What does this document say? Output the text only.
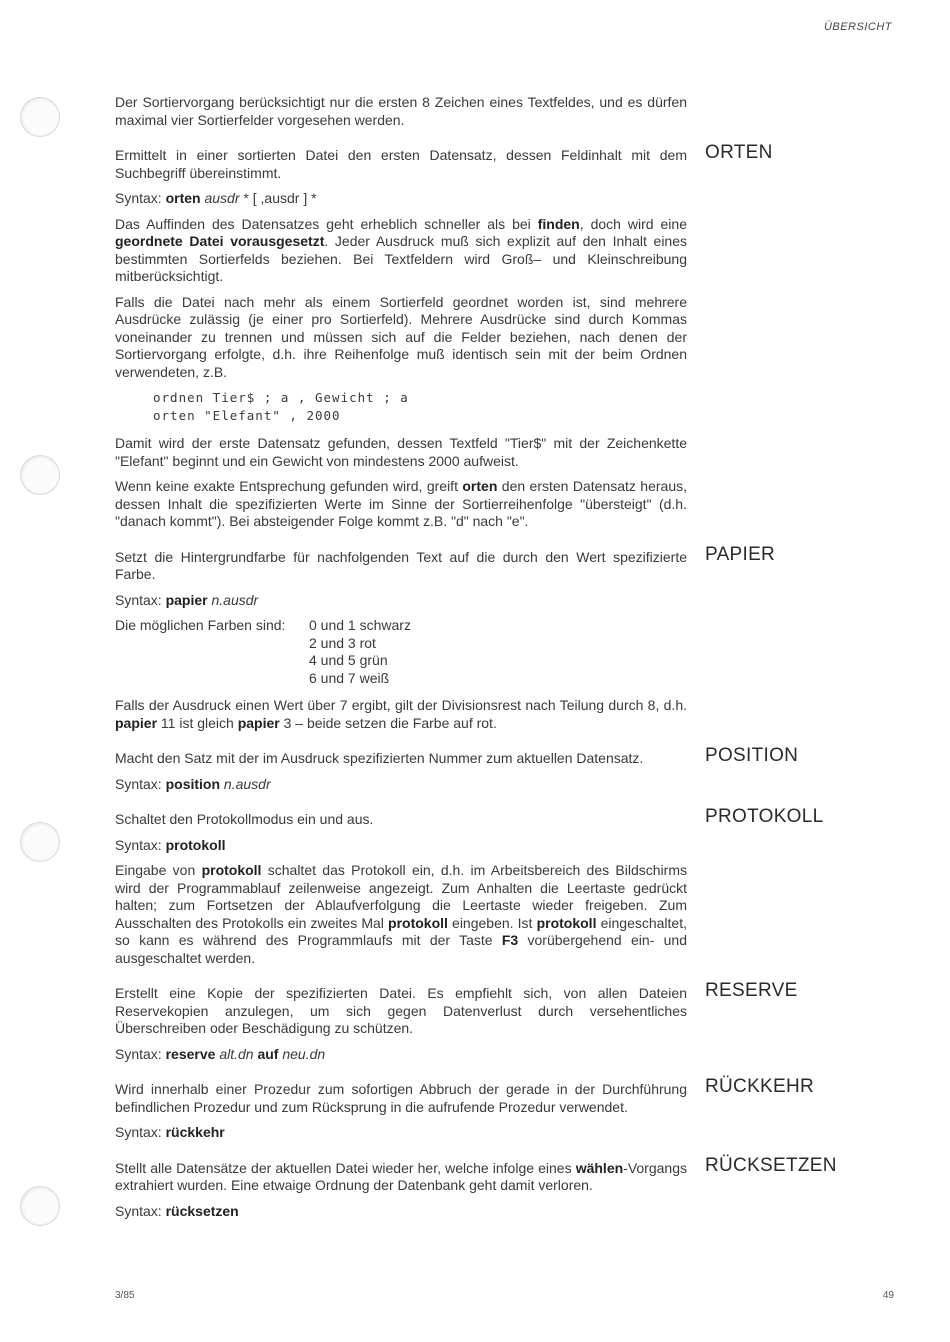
ÜBERSICHT

Der Sortiervorgang berücksichtigt nur die ersten 8 Zeichen eines Textfeldes, und es dürfen maximal vier Sortierfelder vorgesehen werden.

ORTEN

Ermittelt in einer sortierten Datei den ersten Datensatz, dessen Feldinhalt mit dem Suchbegriff übereinstimmt.

Syntax: orten ausdr * [ ,ausdr ] *

Das Auffinden des Datensatzes geht erheblich schneller als bei finden, doch wird eine geordnete Datei vorausgesetzt. Jeder Ausdruck muß sich explizit auf den Inhalt eines bestimmten Sortierfelds beziehen. Bei Textfeldern wird Groß– und Kleinschreibung mitberücksichtigt.

Falls die Datei nach mehr als einem Sortierfeld geordnet worden ist, sind mehrere Ausdrücke zulässig (je einer pro Sortierfeld). Mehrere Ausdrücke sind durch Kommas voneinander zu trennen und müssen sich auf die Felder beziehen, nach denen der Sortiervorgang erfolgte, d.h. ihre Reihenfolge muß identisch sein mit der beim Ordnen verwendeten, z.B.

ordnen Tier$ ; a , Gewicht ; a
orten "Elefant" , 2000

Damit wird der erste Datensatz gefunden, dessen Textfeld "Tier$" mit der Zeichenkette "Elefant" beginnt und ein Gewicht von mindestens 2000 aufweist.

Wenn keine exakte Entsprechung gefunden wird, greift orten den ersten Datensatz heraus, dessen Inhalt die spezifizierten Werte im Sinne der Sortierreihenfolge "übersteigt" (d.h. "danach kommt"). Bei absteigender Folge kommt z.B. "d" nach "e".

PAPIER

Setzt die Hintergrundfarbe für nachfolgenden Text auf die durch den Wert spezifizierte Farbe.

Syntax: papier n.ausdr

Die möglichen Farben sind:	0 und 1 schwarz
2 und 3 rot
4 und 5 grün
6 und 7 weiß

Falls der Ausdruck einen Wert über 7 ergibt, gilt der Divisionsrest nach Teilung durch 8, d.h. papier 11 ist gleich papier 3 – beide setzen die Farbe auf rot.

POSITION

Macht den Satz mit der im Ausdruck spezifizierten Nummer zum aktuellen Datensatz.

Syntax: position n.ausdr

PROTOKOLL

Schaltet den Protokollmodus ein und aus.

Syntax: protokoll

Eingabe von protokoll schaltet das Protokoll ein, d.h. im Arbeitsbereich des Bildschirms wird der Programmablauf zeilenweise angezeigt. Zum Anhalten die Leertaste gedrückt halten; zum Fortsetzen der Ablaufverfolgung die Leertaste wieder freigeben. Zum Ausschalten des Protokolls ein zweites Mal protokoll eingeben. Ist protokoll eingeschaltet, so kann es während des Programmlaufs mit der Taste F3 vorübergehend ein- und ausgeschaltet werden.

RESERVE

Erstellt eine Kopie der spezifizierten Datei. Es empfiehlt sich, von allen Dateien Reservekopien anzulegen, um sich gegen Datenverlust durch versehentliches Überschreiben oder Beschädigung zu schützen.

Syntax: reserve alt.dn auf neu.dn

RÜCKKEHR

Wird innerhalb einer Prozedur zum sofortigen Abbruch der gerade in der Durchführung befindlichen Prozedur und zum Rücksprung in die aufrufende Prozedur verwendet.

Syntax: rückkehr

RÜCKSETZEN

Stellt alle Datensätze der aktuellen Datei wieder her, welche infolge eines wählen-Vorgangs extrahiert wurden. Eine etwaige Ordnung der Datenbank geht damit verloren.

Syntax: rücksetzen

3/85	49
